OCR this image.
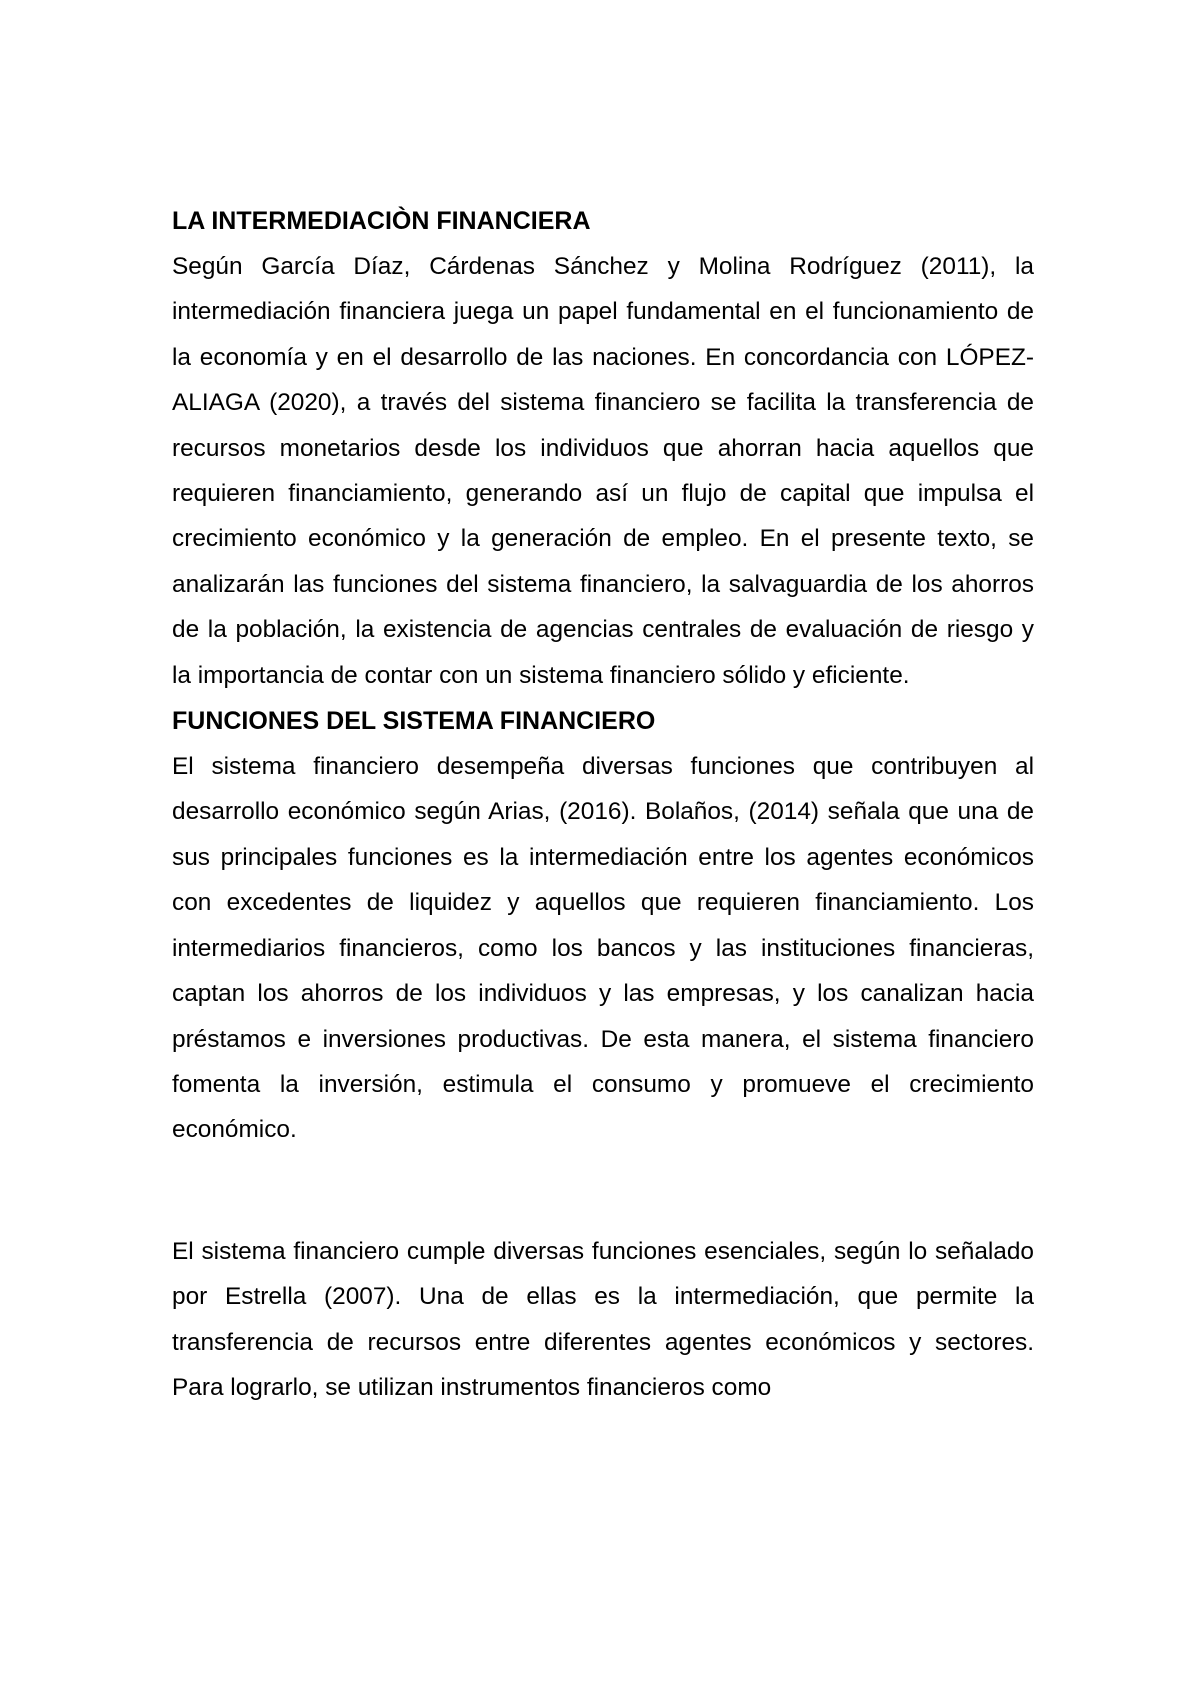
LA INTERMEDIACIÒN FINANCIERA

Según García Díaz, Cárdenas Sánchez y Molina Rodríguez (2011), la intermediación financiera juega un papel fundamental en el funcionamiento de la economía y en el desarrollo de las naciones. En concordancia con LÓPEZ-ALIAGA (2020), a través del sistema financiero se facilita la transferencia de recursos monetarios desde los individuos que ahorran hacia aquellos que requieren financiamiento, generando así un flujo de capital que impulsa el crecimiento económico y la generación de empleo. En el presente texto, se analizarán las funciones del sistema financiero, la salvaguardia de los ahorros de la población, la existencia de agencias centrales de evaluación de riesgo y la importancia de contar con un sistema financiero sólido y eficiente.

FUNCIONES DEL SISTEMA FINANCIERO

El sistema financiero desempeña diversas funciones que contribuyen al desarrollo económico según Arias, (2016). Bolaños, (2014) señala que una de sus principales funciones es la intermediación entre los agentes económicos con excedentes de liquidez y aquellos que requieren financiamiento. Los intermediarios financieros, como los bancos y las instituciones financieras, captan los ahorros de los individuos y las empresas, y los canalizan hacia préstamos e inversiones productivas. De esta manera, el sistema financiero fomenta la inversión, estimula el consumo y promueve el crecimiento económico.

El sistema financiero cumple diversas funciones esenciales, según lo señalado por Estrella (2007). Una de ellas es la intermediación, que permite la transferencia de recursos entre diferentes agentes económicos y sectores. Para lograrlo, se utilizan instrumentos financieros como
